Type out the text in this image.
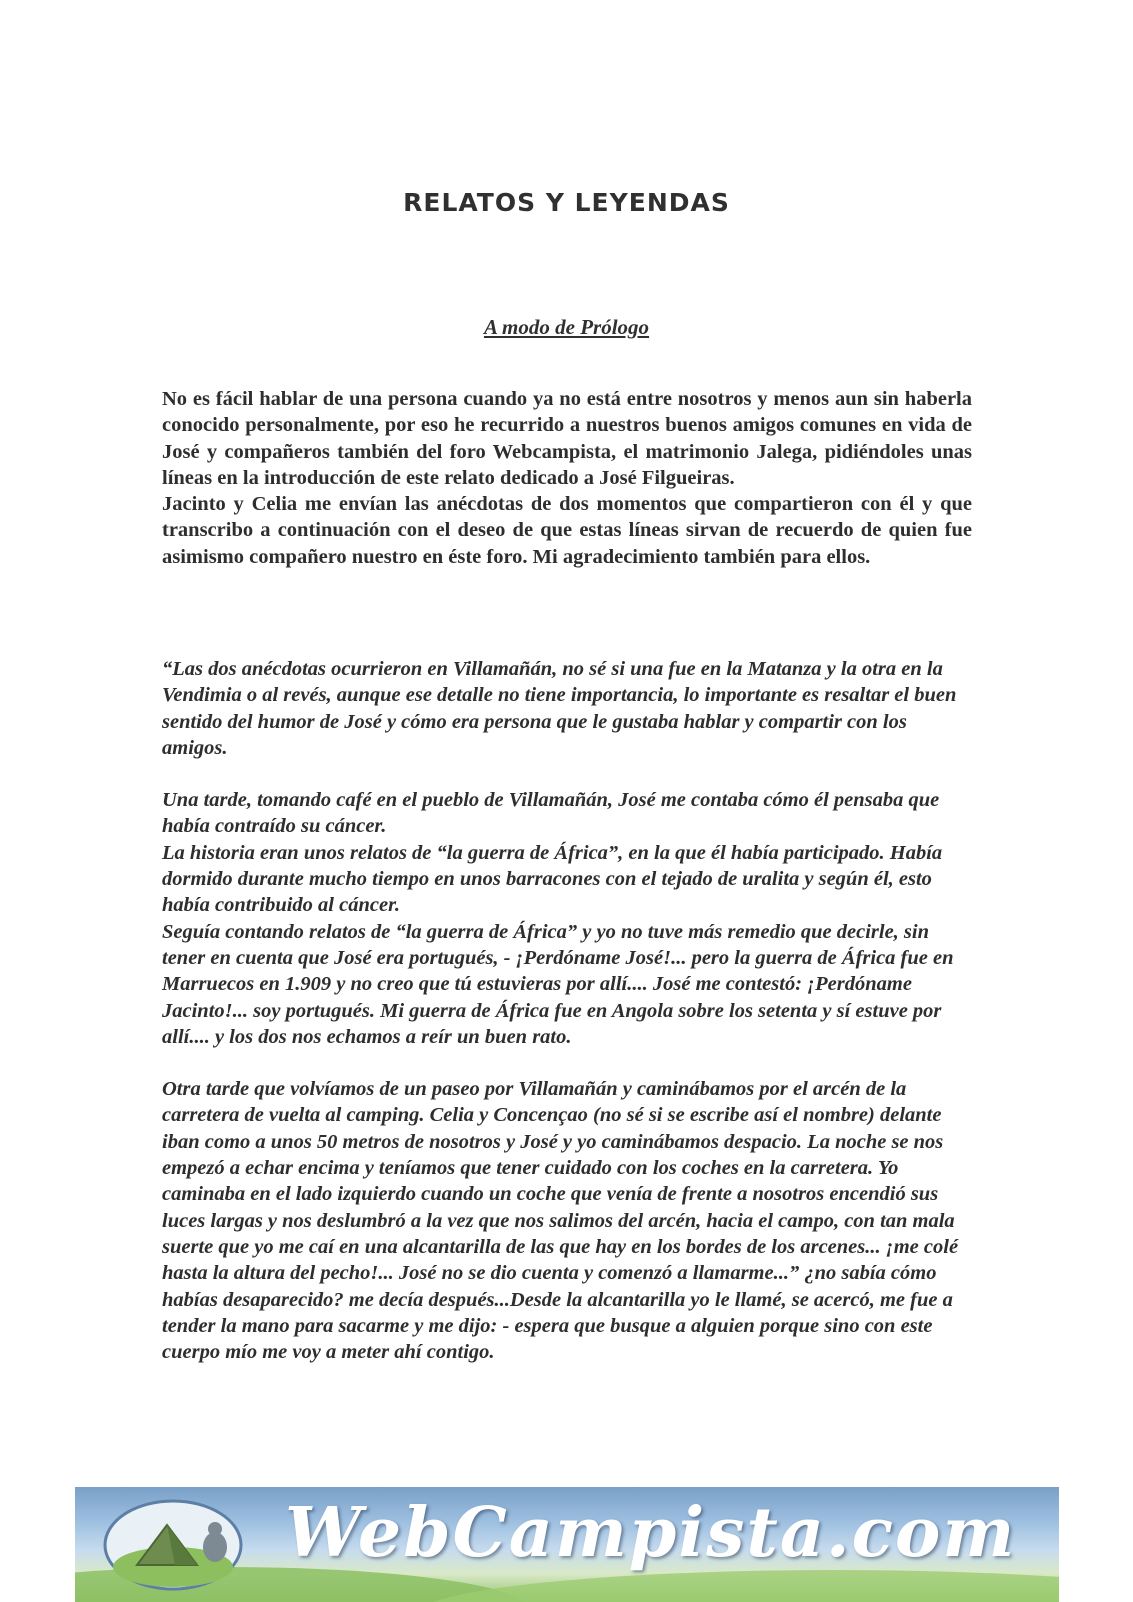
RELATOS Y LEYENDAS
A modo de Prólogo

No es fácil hablar de una persona cuando ya no está entre nosotros y menos aun sin haberla conocido personalmente, por eso he recurrido a nuestros buenos amigos comunes en vida de José y compañeros también del foro Webcampista, el matrimonio Jalega, pidiéndoles unas líneas en la introducción de este relato dedicado a José Filgueiras.

Jacinto y Celia me envían las anécdotas de dos momentos que compartieron con él y que transcribo a continuación con el deseo de que estas líneas sirvan de recuerdo de quien fue asimismo compañero nuestro en éste foro. Mi agradecimiento también para ellos.

“Las dos anécdotas ocurrieron en Villamañán, no sé si una fue en la Matanza y la otra en la Vendimia o al revés, aunque ese detalle no tiene importancia, lo importante es resaltar el buen sentido del humor de José y cómo era persona que le gustaba hablar y compartir con los amigos.

Una tarde, tomando café en el pueblo de Villamañán, José me contaba cómo él pensaba que había contraído su cáncer.

La historia eran unos relatos de “la guerra de África”, en la que él había participado. Había dormido durante mucho tiempo en unos barracones con el tejado de uralita y según él, esto había contribuido al cáncer.

Seguía contando relatos de “la guerra de África” y yo no tuve más remedio que decirle, sin tener en cuenta que José era portugués, - ¡Perdóname José!... pero la guerra de África fue en Marruecos en 1.909 y no creo que tú estuvieras por allí.... José me contestó: ¡Perdóname Jacinto!... soy portugués. Mi guerra de África fue en Angola sobre los setenta y sí estuve por allí.... y los dos nos echamos a reír un buen rato.

Otra tarde que volvíamos de un paseo por Villamañán y caminábamos por el arcén de la carretera de vuelta al camping. Celia y Concençao (no sé si se escribe así el nombre) delante iban como a unos 50 metros de nosotros y José y yo caminábamos despacio. La noche se nos empezó a echar encima y teníamos que tener cuidado con los coches en la carretera. Yo caminaba en el lado izquierdo cuando un coche que venía de frente a nosotros encendió sus luces largas y nos deslumbró a la vez que nos salimos del arcén, hacia el campo, con tan mala suerte que yo me caí en una alcantarilla de las que hay en los bordes de los arcenes... ¡me colé hasta la altura del pecho!... José no se dio cuenta y comenzó a llamarme...” ¿no sabía cómo habías desaparecido? me decía después...Desde la alcantarilla yo le llamé, se acercó, me fue a tender la mano para sacarme y me dijo: - espera que busque a alguien porque sino con este cuerpo mío me voy a meter ahí contigo.

WebCampista.com
